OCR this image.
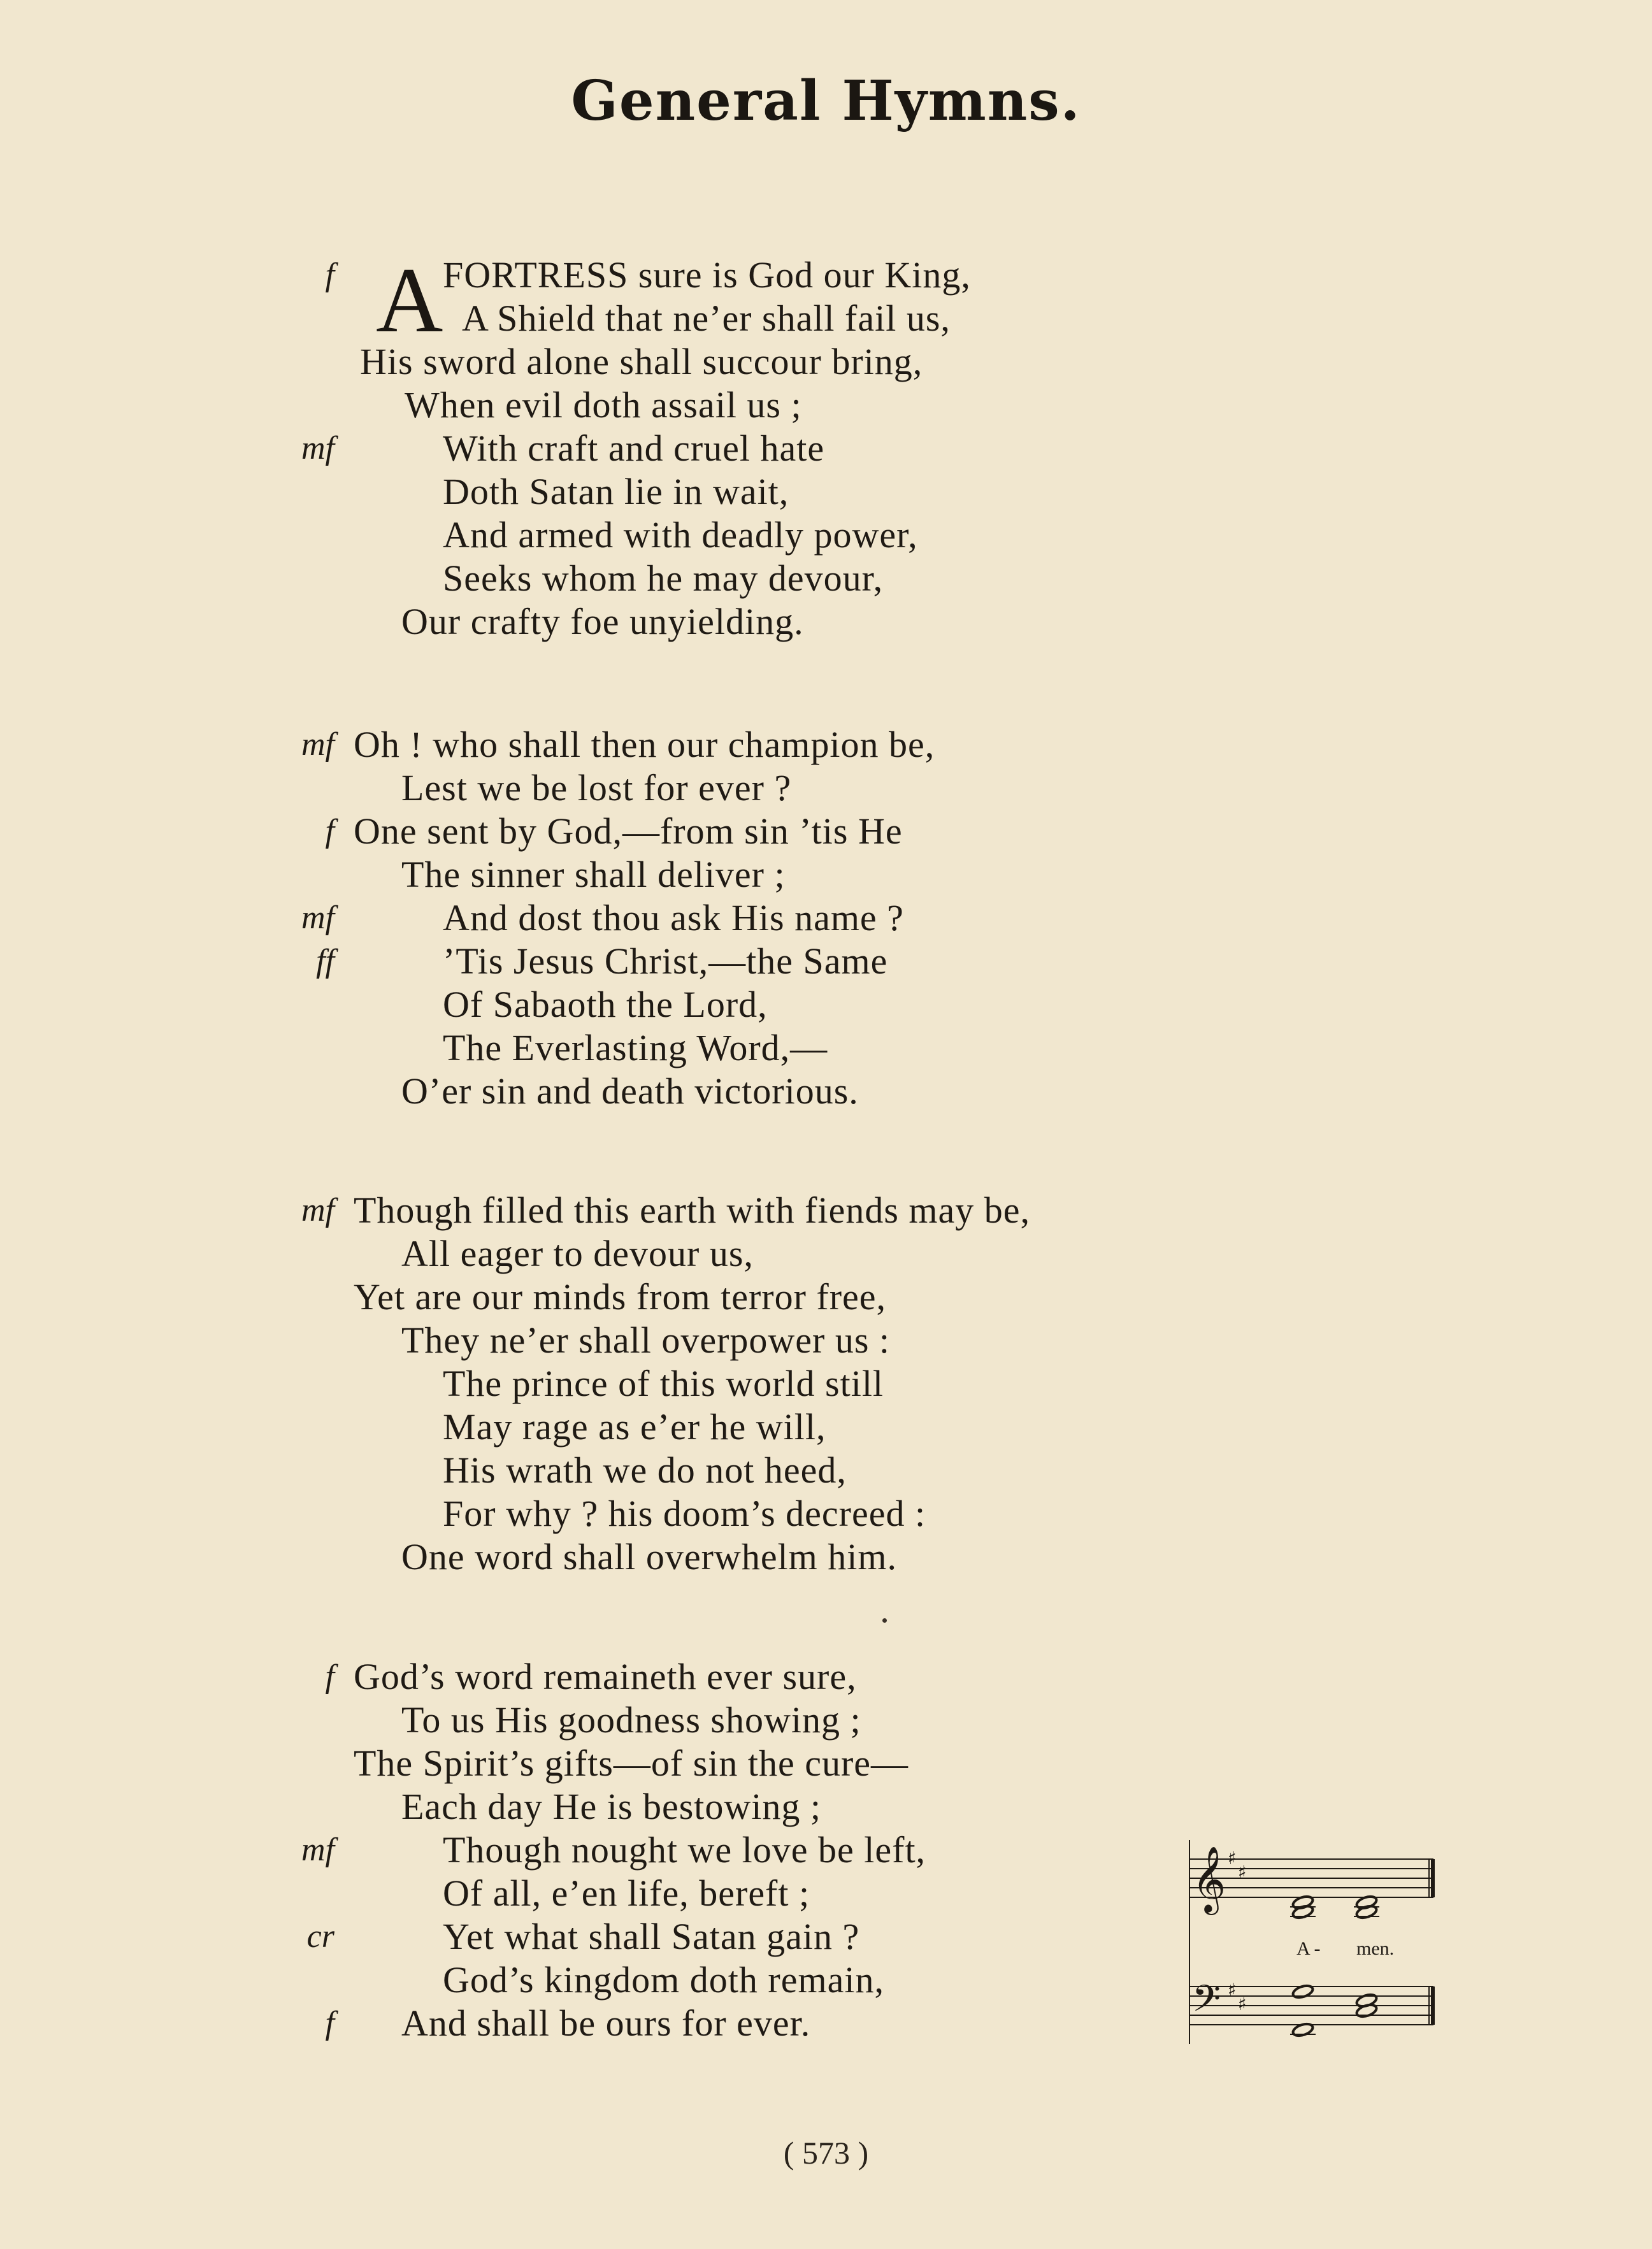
General Hymns.
A
f	FORTRESS sure is God our King,
A Shield that ne’er shall fail us,
His sword alone shall succour bring,
When evil doth assail us ;
mf	With craft and cruel hate
Doth Satan lie in wait,
And armed with deadly power,
Seeks whom he may devour,
Our crafty foe unyielding.
mf Oh ! who shall then our champion be,
Lest we be lost for ever ?
f One sent by God,—from sin ’tis He
The sinner shall deliver ;
mf	And dost thou ask His name ?
ff	’Tis Jesus Christ,—the Same
Of Sabaoth the Lord,
The Everlasting Word,—
O’er sin and death victorious.
mf Though filled this earth with fiends may be,
All eager to devour us,
Yet are our minds from terror free,
They ne’er shall overpower us :
The prince of this world still
May rage as e’er he will,
His wrath we do not heed,
For why ? his doom’s decreed :
One word shall overwhelm him.
f God’s word remaineth ever sure,
To us His goodness showing ;
The Spirit’s gifts—of sin the cure—
Each day He is bestowing ;
mf	Though nought we love be left,
Of all, e’en life, bereft ;
cr	Yet what shall Satan gain ?
God’s kingdom doth remain,
f And shall be ours for ever.
𝄞
𝄢
♯
♯
♯
♯
A - men.
( 573 )
